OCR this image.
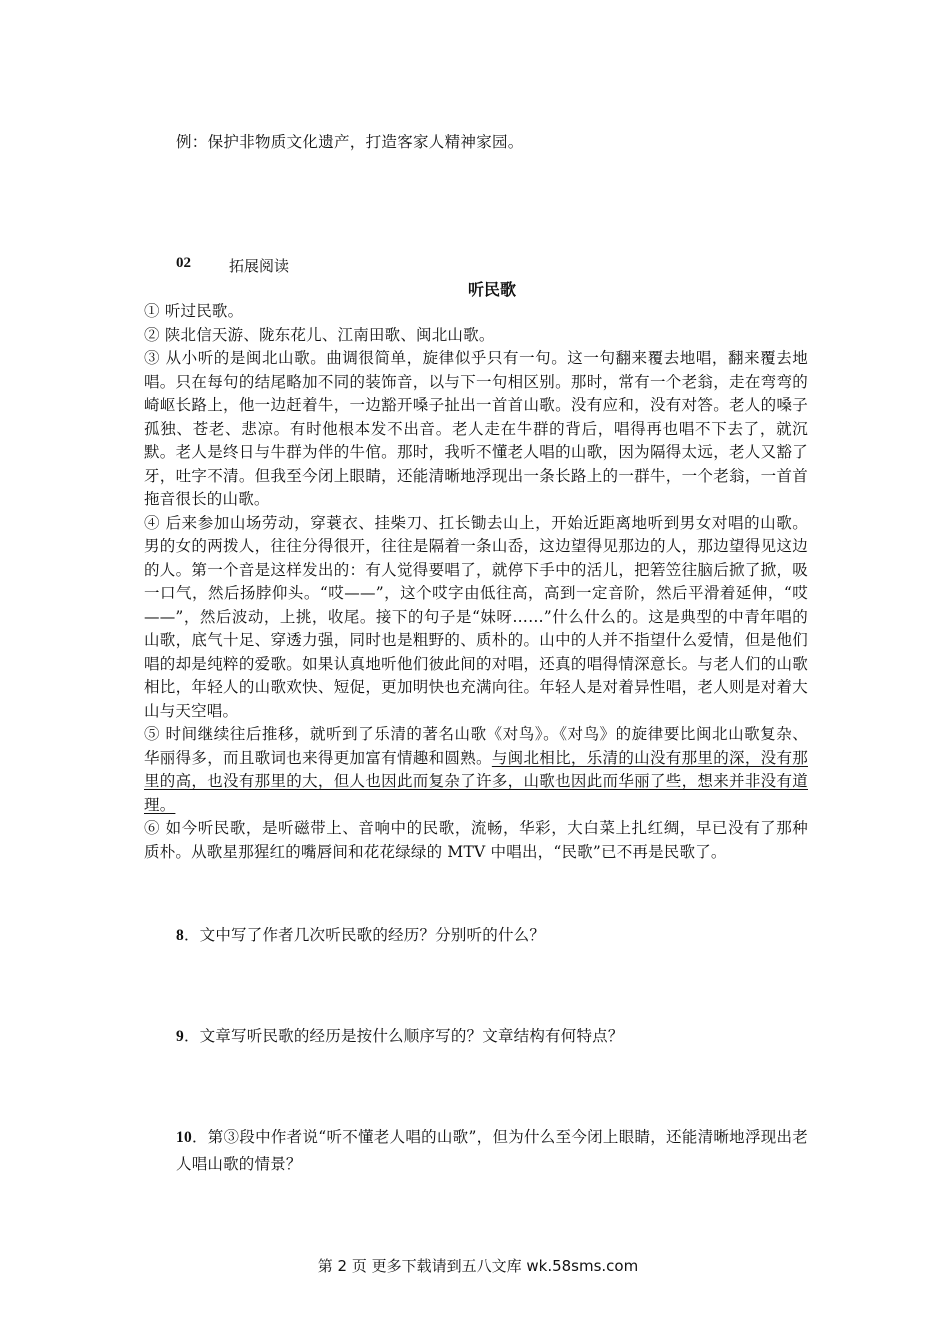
例：保护非物质文化遗产，打造客家人精神家园。
02	拓展阅读
听民歌

① 听过民歌。

② 陕北信天游、陇东花儿、江南田歌、闽北山歌。

③ 从小听的是闽北山歌。曲调很简单，旋律似乎只有一句。这一句翻来覆去地唱，翻来覆去地唱。只在每句的结尾略加不同的装饰音，以与下一句相区别。那时，常有一个老翁，走在弯弯的崎岖长路上，他一边赶着牛，一边豁开嗓子扯出一首首山歌。没有应和，没有对答。老人的嗓子孤独、苍老、悲凉。有时他根本发不出音。老人走在牛群的背后，唱得再也唱不下去了，就沉默。老人是终日与牛群为伴的牛倌。那时，我听不懂老人唱的山歌，因为隔得太远，老人又豁了牙，吐字不清。但我至今闭上眼睛，还能清晰地浮现出一条长路上的一群牛，一个老翁，一首首拖音很长的山歌。

④ 后来参加山场劳动，穿蓑衣、挂柴刀、扛长锄去山上，开始近距离地听到男女对唱的山歌。男的女的两拨人，往往分得很开，往往是隔着一条山岙，这边望得见那边的人，那边望得见这边的人。第一个音是这样发出的：有人觉得要唱了，就停下手中的活儿，把箬笠往脑后掀了掀，吸一口气，然后扬脖仰头。“哎——”，这个哎字由低往高，高到一定音阶，然后平滑着延伸，“哎——”，然后波动，上挑，收尾。接下的句子是“妹呀……”什么什么的。这是典型的中青年唱的山歌，底气十足、穿透力强，同时也是粗野的、质朴的。山中的人并不指望什么爱情，但是他们唱的却是纯粹的爱歌。如果认真地听他们彼此间的对唱，还真的唱得情深意长。与老人们的山歌相比，年轻人的山歌欢快、短促，更加明快也充满向往。年轻人是对着异性唱，老人则是对着大山与天空唱。

⑤ 时间继续往后推移，就听到了乐清的著名山歌《对鸟》。《对鸟》的旋律要比闽北山歌复杂、华丽得多，而且歌词也来得更加富有情趣和圆熟。与闽北相比，乐清的山没有那里的深，没有那里的高，也没有那里的大，但人也因此而复杂了许多，山歌也因此而华丽了些，想来并非没有道理。

⑥ 如今听民歌，是听磁带上、音响中的民歌，流畅，华彩，大白菜上扎红绸，早已没有了那种质朴。从歌星那猩红的嘴唇间和花花绿绿的 MTV 中唱出，“民歌”已不再是民歌了。

8．文中写了作者几次听民歌的经历？分别听的什么？
9．文章写听民歌的经历是按什么顺序写的？文章结构有何特点？
10．第③段中作者说“听不懂老人唱的山歌”，但为什么至今闭上眼睛，还能清晰地浮现出老人唱山歌的情景？
第 2 页 更多下载请到五八文库 wk.58sms.com
